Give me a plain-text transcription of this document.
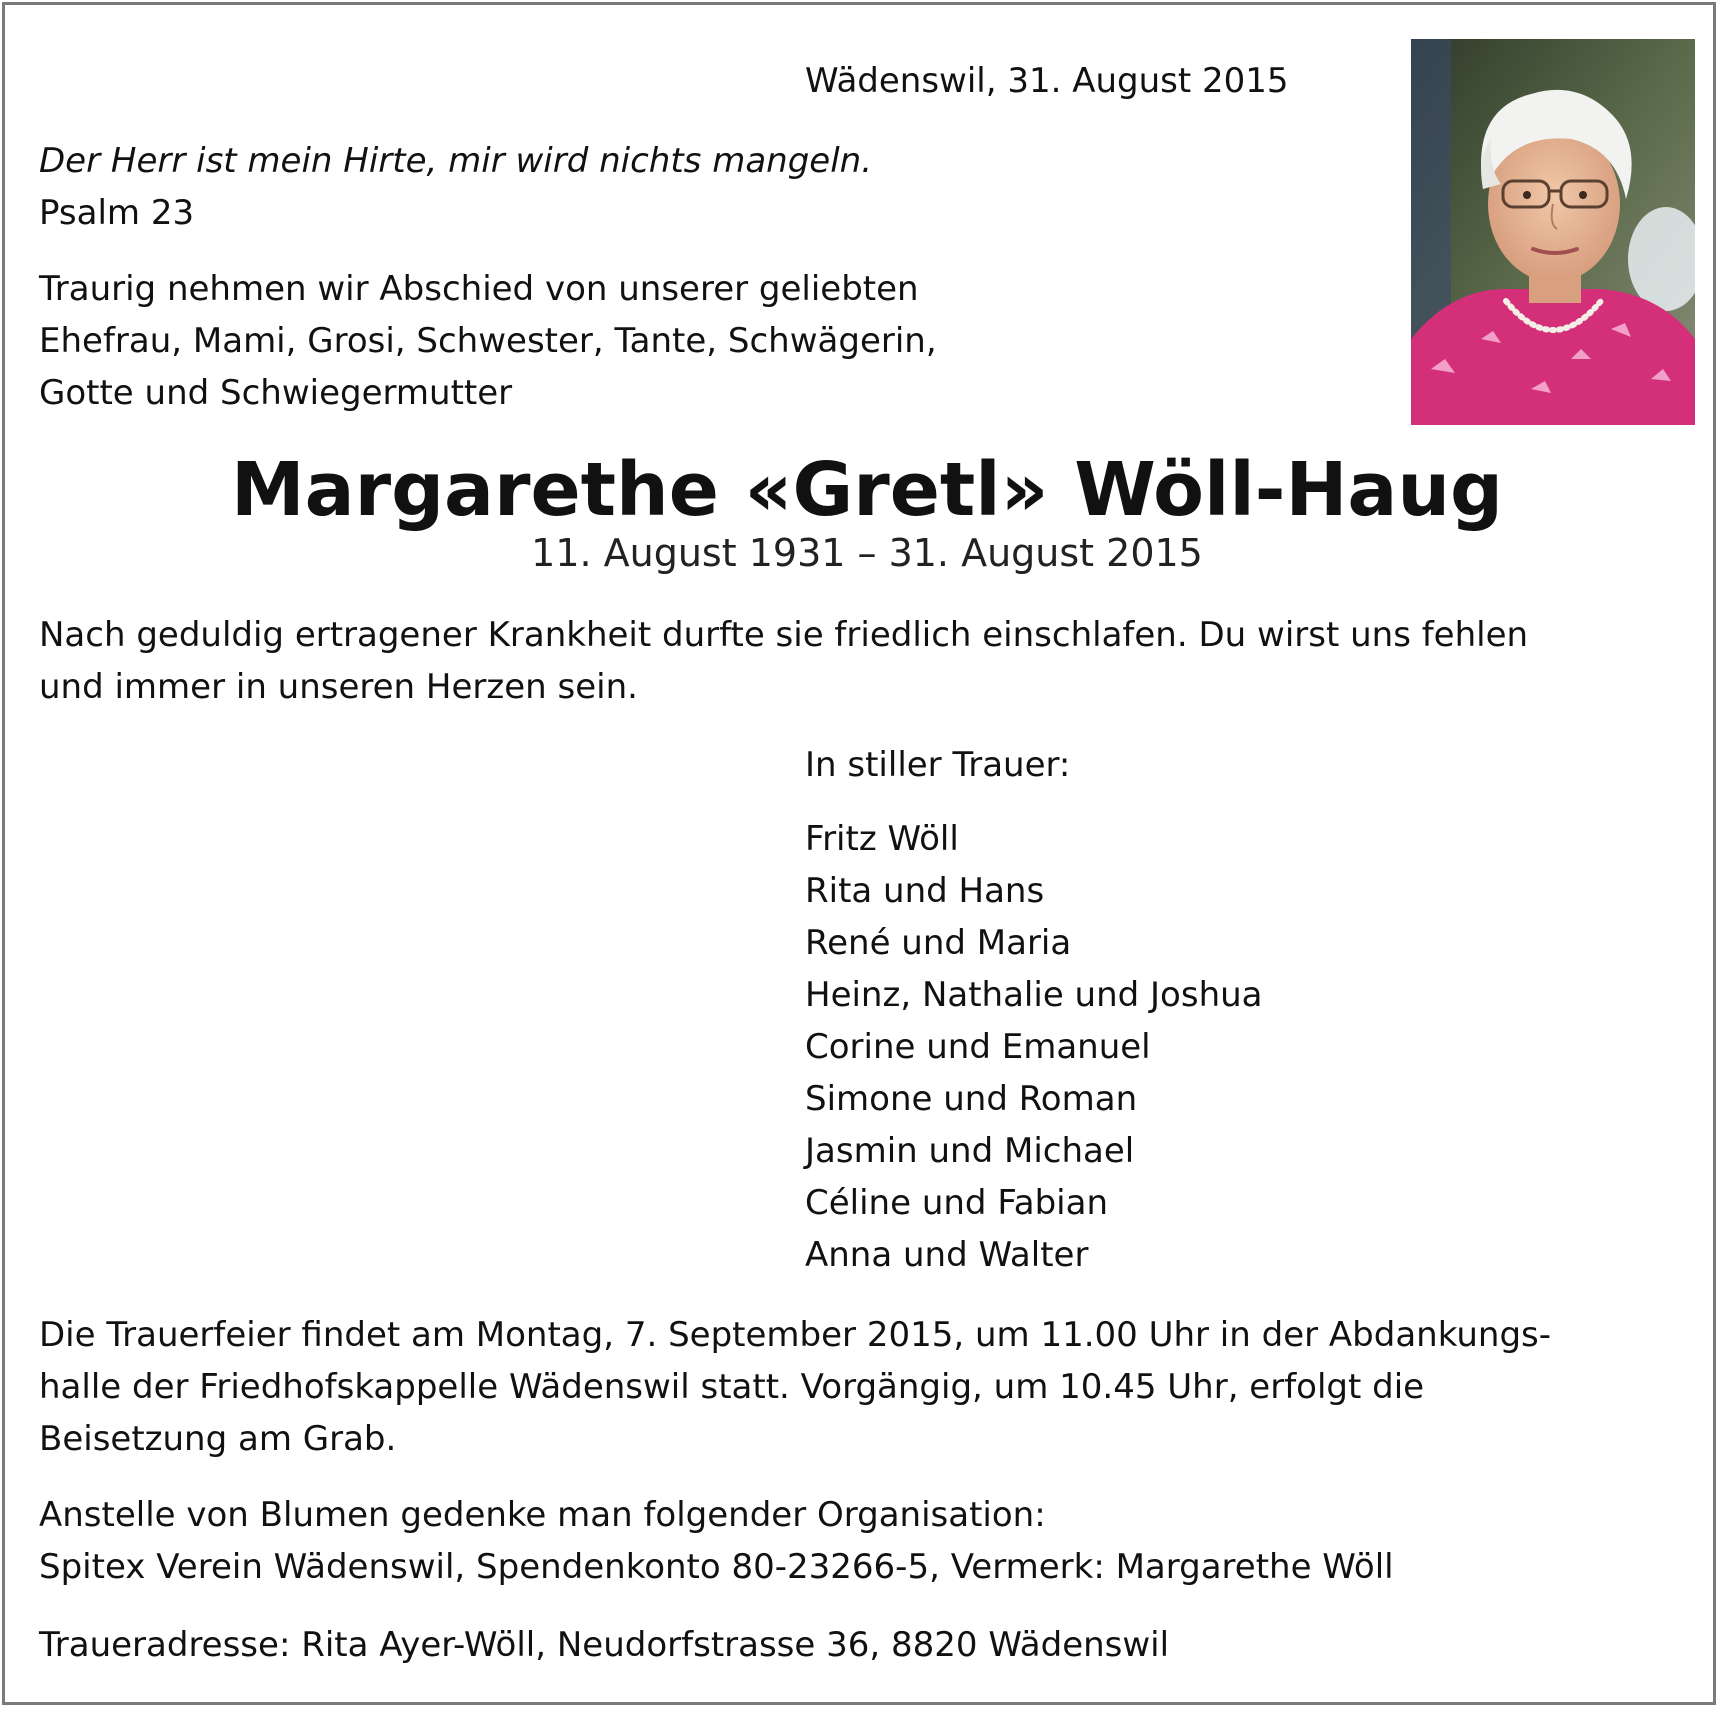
Wädenswil, 31. August 2015
Der Herr ist mein Hirte, mir wird nichts mangeln.
Psalm 23
Traurig nehmen wir Abschied von unserer geliebten
Ehefrau, Mami, Grosi, Schwester, Tante, Schwägerin,
Gotte und Schwiegermutter
Margarethe «Gretl» Wöll-Haug
11. August 1931 – 31. August 2015
Nach geduldig ertragener Krankheit durfte sie friedlich einschlafen. Du wirst uns fehlen
und immer in unseren Herzen sein.
In stiller Trauer:
Fritz Wöll
Rita und Hans
René und Maria
Heinz, Nathalie und Joshua
Corine und Emanuel
Simone und Roman
Jasmin und Michael
Céline und Fabian
Anna und Walter
Die Trauerfeier findet am Montag, 7. September 2015, um 11.00 Uhr in der Abdankungs-
halle der Friedhofskappelle Wädenswil statt. Vorgängig, um 10.45 Uhr, erfolgt die
Beisetzung am Grab.
Anstelle von Blumen gedenke man folgender Organisation:
Spitex Verein Wädenswil, Spendenkonto 80-23266-5, Vermerk: Margarethe Wöll
Traueradresse: Rita Ayer-Wöll, Neudorfstrasse 36, 8820 Wädenswil
